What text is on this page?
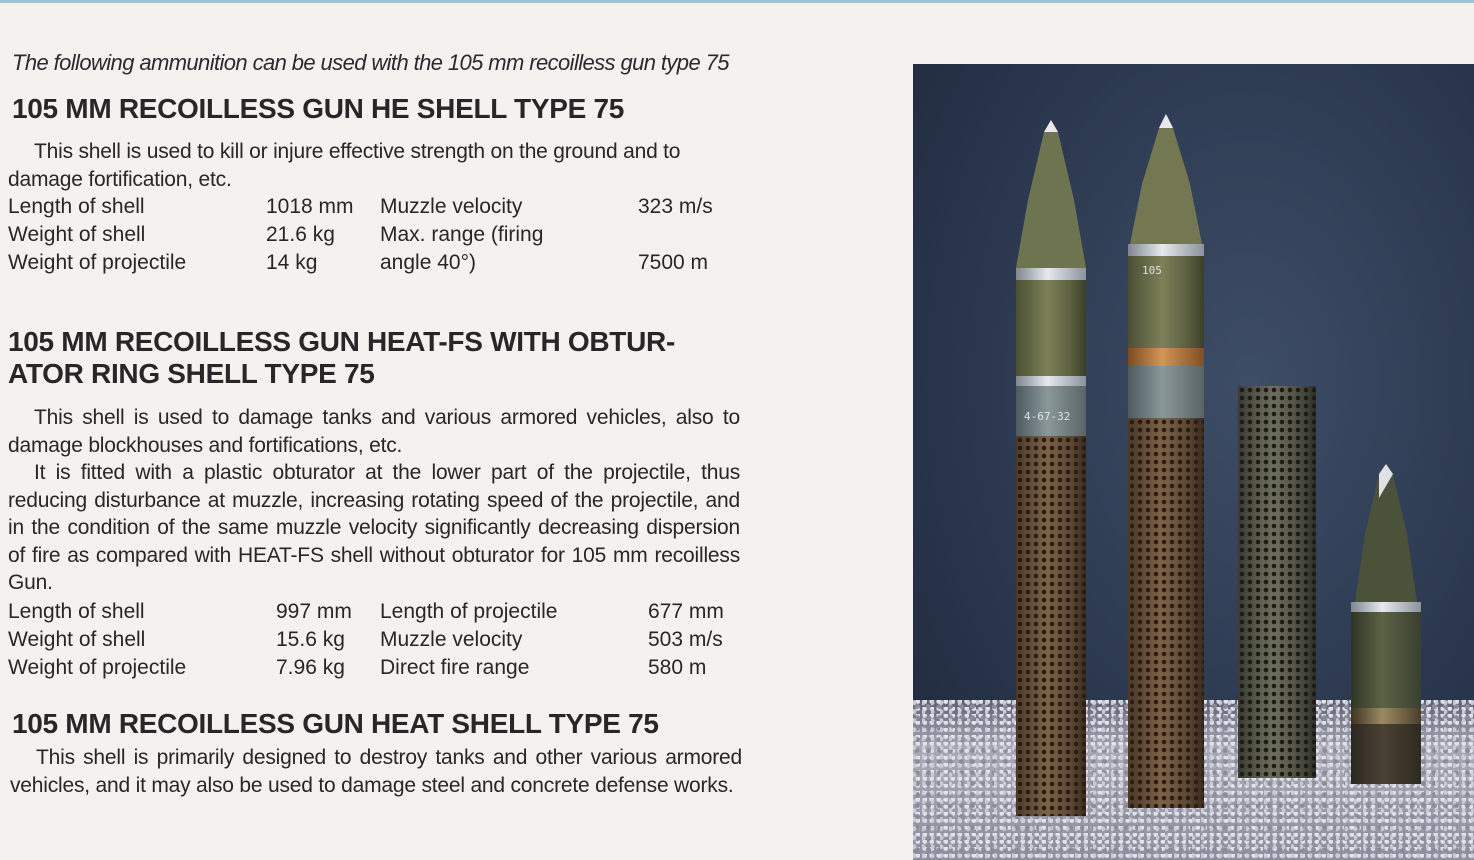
The following ammunition can be used with the 105 mm recoilless gun type 75
105 MM RECOILLESS GUN HE SHELL TYPE 75

This shell is used to kill or injure effective strength on the ground and to damage fortification, etc.

Length of shell	1018 mm Muzzle velocity	323 m/s
Weight of shell	21.6 kg Max. range (firing
Weight of projectile	14 kg	angle 40°)	7500 m
105 MM RECOILLESS GUN HEAT-FS WITH OBTUR-
ATOR RING SHELL TYPE 75

This shell is used to damage tanks and various armored vehicles, also to damage blockhouses and fortifications, etc.

It is fitted with a plastic obturator at the lower part of the projectile, thus reducing disturbance at muzzle, increasing rotating speed of the projectile, and in the condition of the same muzzle velocity significantly decreasing dispersion of fire as compared with HEAT-FS shell without obturator for 105 mm recoilless Gun.

Length of shell	997 mm Length of projectile	677 mm
Weight of shell	15.6 kg Muzzle velocity	503 m/s
Weight of projectile	7.96 kg Direct fire range	580 m
105 MM RECOILLESS GUN HEAT SHELL TYPE 75

This shell is primarily designed to destroy tanks and other various armored vehicles, and it may also be used to damage steel and concrete defense works.

4-67-32
105
